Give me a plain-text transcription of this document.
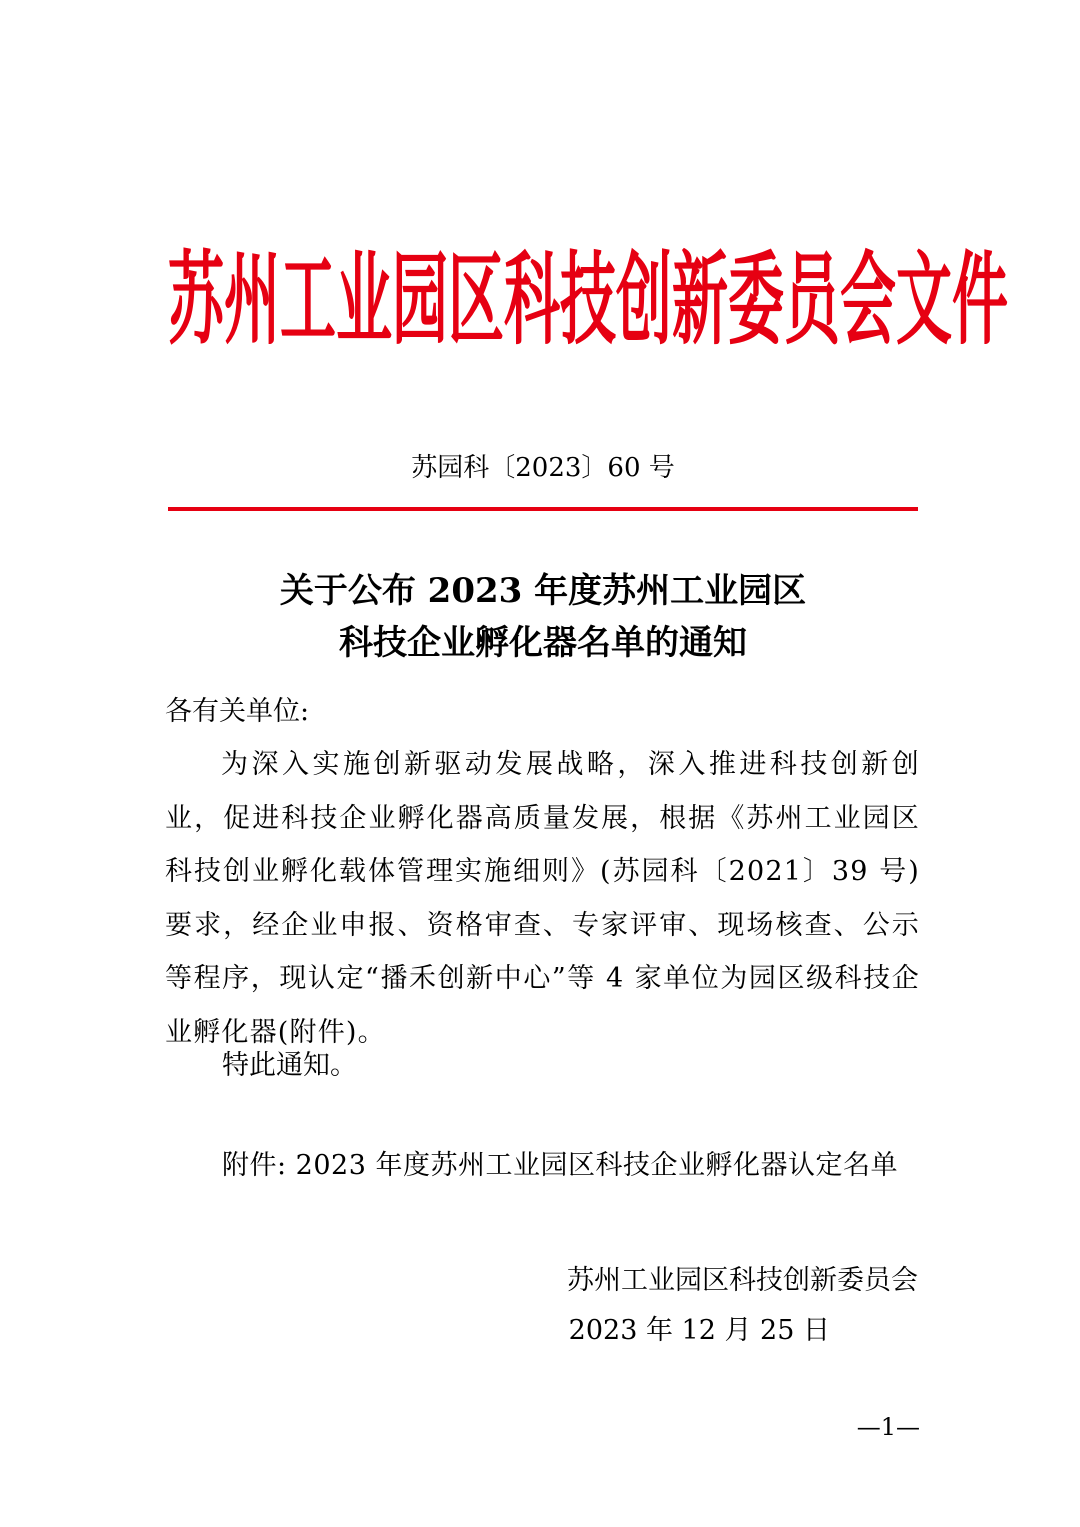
苏州工业园区科技创新委员会文件
苏园科〔2023〕60 号
关于公布 2023 年度苏州工业园区
科技企业孵化器名单的通知
各有关单位:
为深入实施创新驱动发展战略，深入推进科技创新创业，促进科技企业孵化器高质量发展，根据《苏州工业园区科技创业孵化载体管理实施细则》(苏园科〔2021〕39 号)要求，经企业申报、资格审查、专家评审、现场核查、公示等程序，现认定“播禾创新中心”等 4 家单位为园区级科技企业孵化器(附件)。
特此通知。
附件: 2023 年度苏州工业园区科技企业孵化器认定名单
苏州工业园区科技创新委员会
2023 年 12 月 25 日
—1—
